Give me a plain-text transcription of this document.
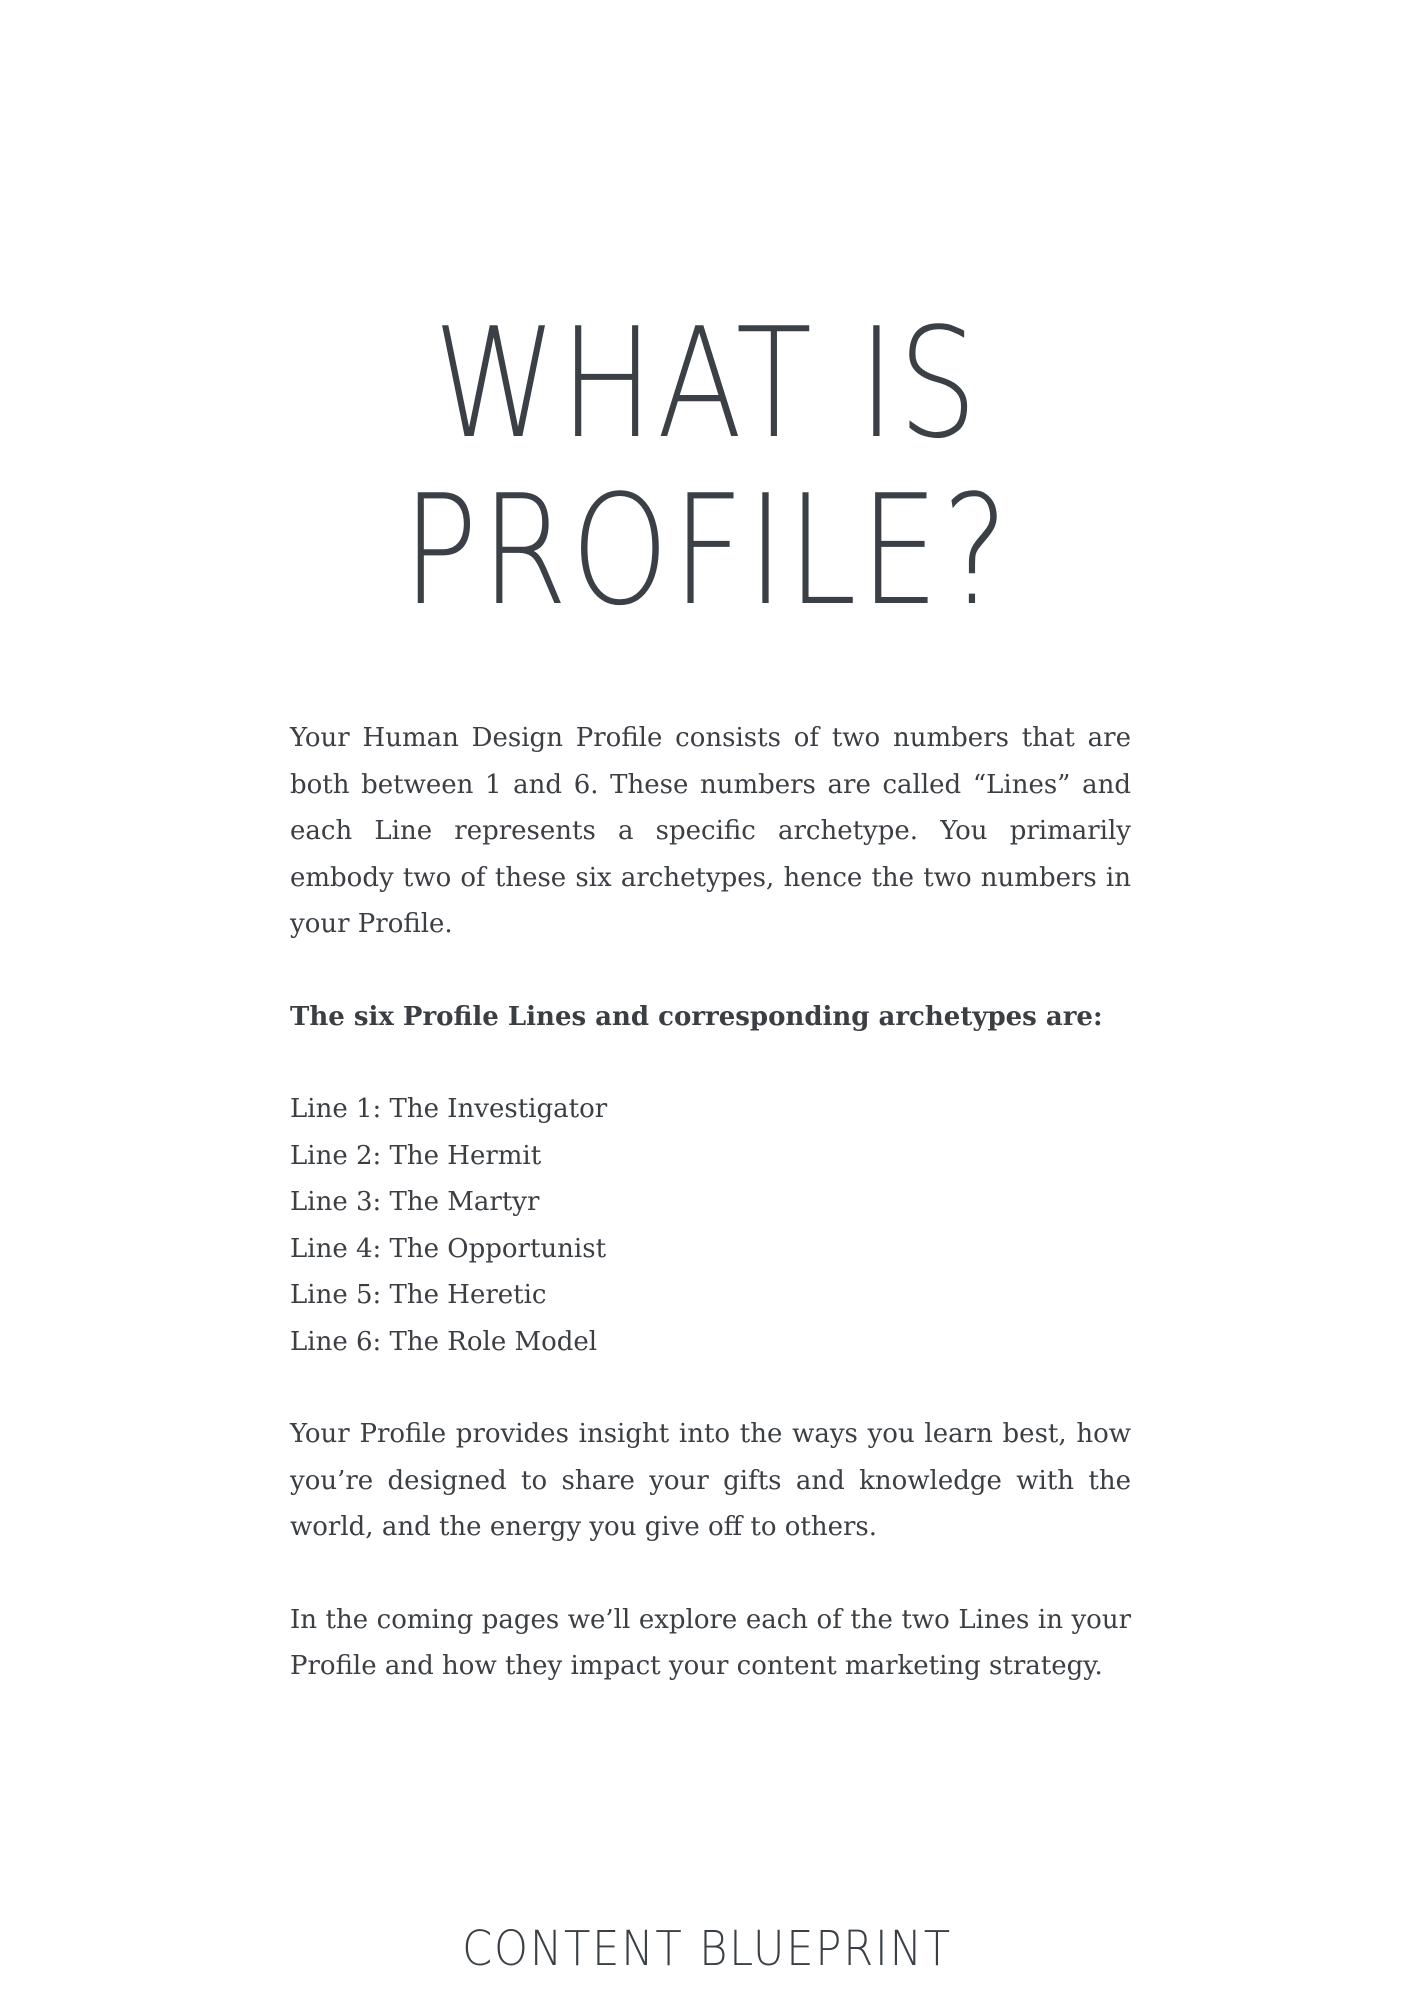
WHAT IS
PROFILE?

Your Human Design Profile consists of two numbers that are both between 1 and 6. These numbers are called “Lines” and each Line represents a specific archetype. You primarily embody two of these six archetypes, hence the two numbers in your Profile.

The six Profile Lines and corresponding archetypes are:

Line 1: The Investigator
Line 2: The Hermit
Line 3: The Martyr
Line 4: The Opportunist
Line 5: The Heretic
Line 6: The Role Model

Your Profile provides insight into the ways you learn best, how you’re designed to share your gifts and knowledge with the world, and the energy you give off to others.

In the coming pages we’ll explore each of the two Lines in your Profile and how they impact your content marketing strategy.

CONTENT BLUEPRINT
